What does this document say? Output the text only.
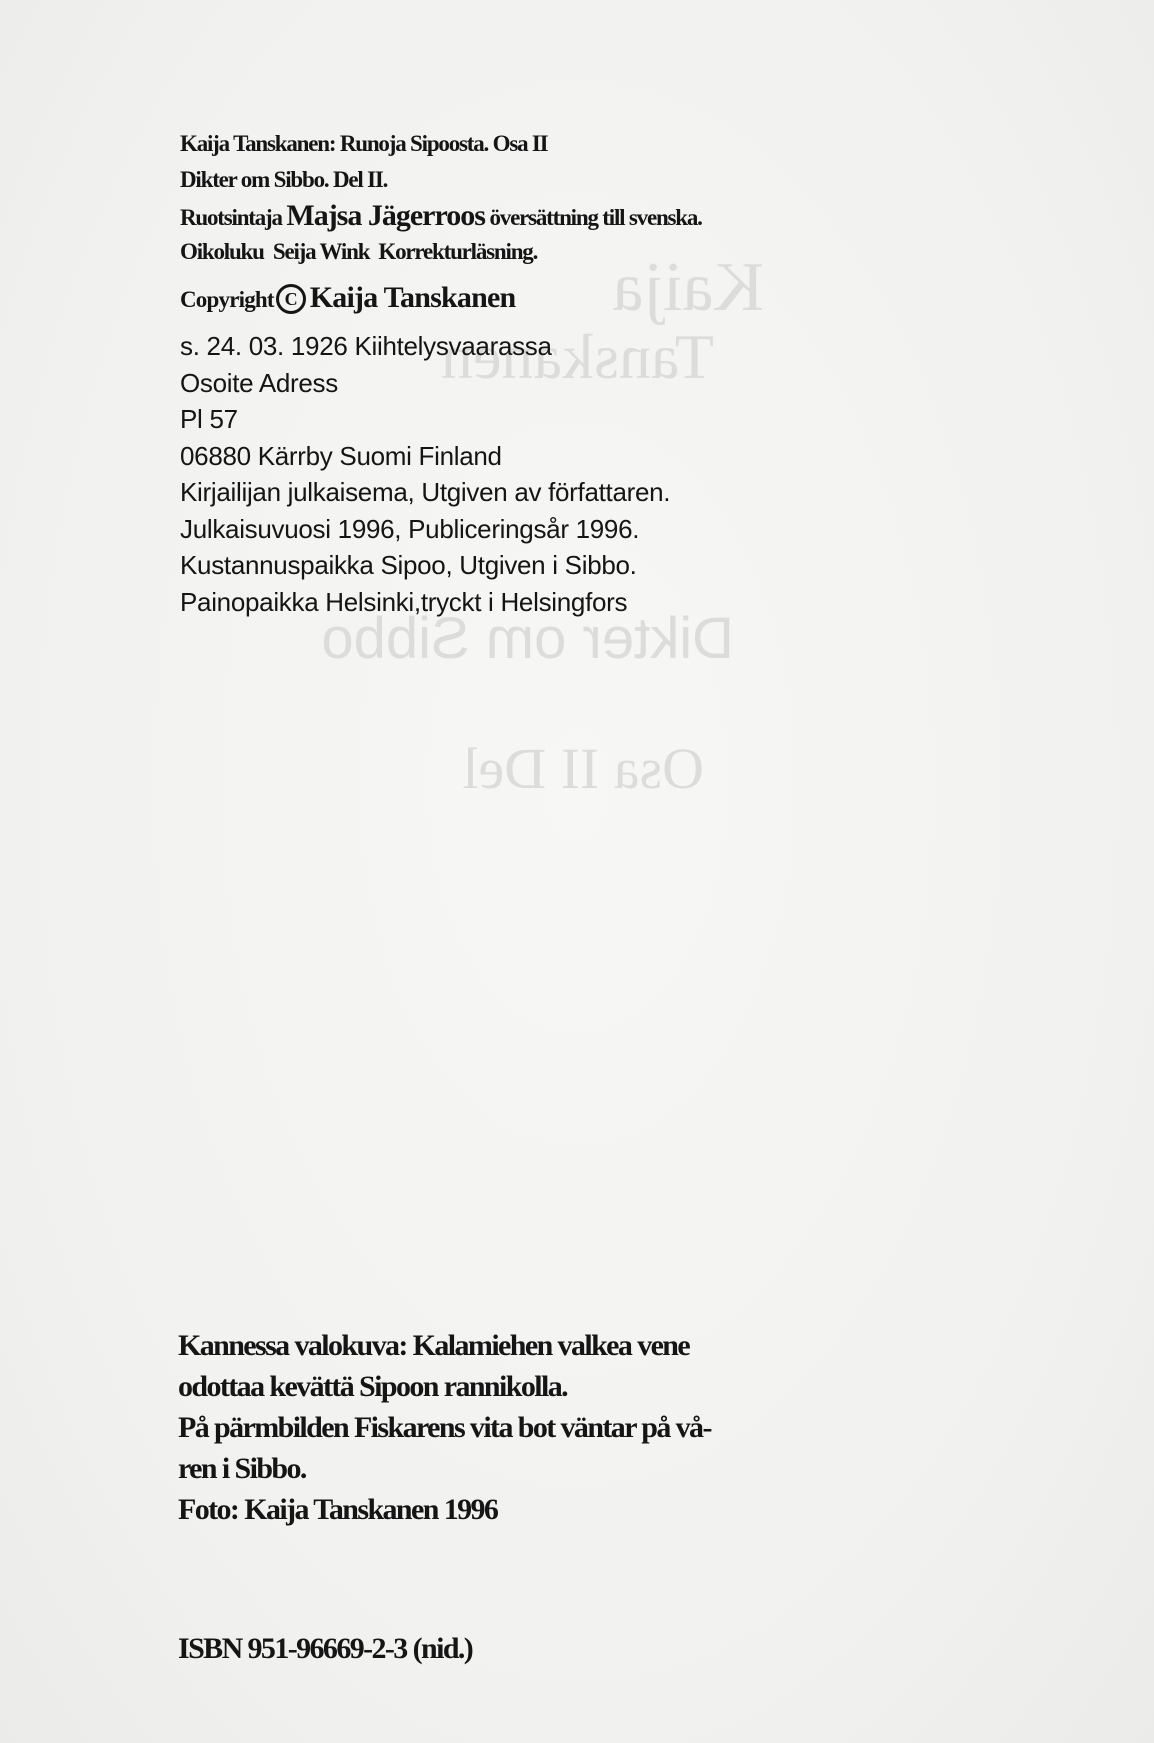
Kaija
Tanskanen
Dikter om Sibbo
Osa II Del
Kaija Tanskanen: Runoja Sipoosta. Osa II
Dikter om Sibbo. Del II.
Ruotsintaja Majsa Jägerroos översättning till svenska.
Oikoluku Seija Wink Korrekturläsning.
Copyright C Kaija Tanskanen
s. 24. 03. 1926 Kiihtelysvaarassa
Osoite Adress
Pl 57
06880 Kärrby Suomi Finland
Kirjailijan julkaisema, Utgiven av författaren.
Julkaisuvuosi 1996, Publiceringsår 1996.
Kustannuspaikka Sipoo, Utgiven i Sibbo.
Painopaikka Helsinki,tryckt i Helsingfors
Kannessa valokuva: Kalamiehen valkea vene
odottaa kevättä Sipoon rannikolla.
På pärmbilden Fiskarens vita bot väntar på vå-
ren i Sibbo.
Foto: Kaija Tanskanen 1996
ISBN 951-96669-2-3 (nid.)
